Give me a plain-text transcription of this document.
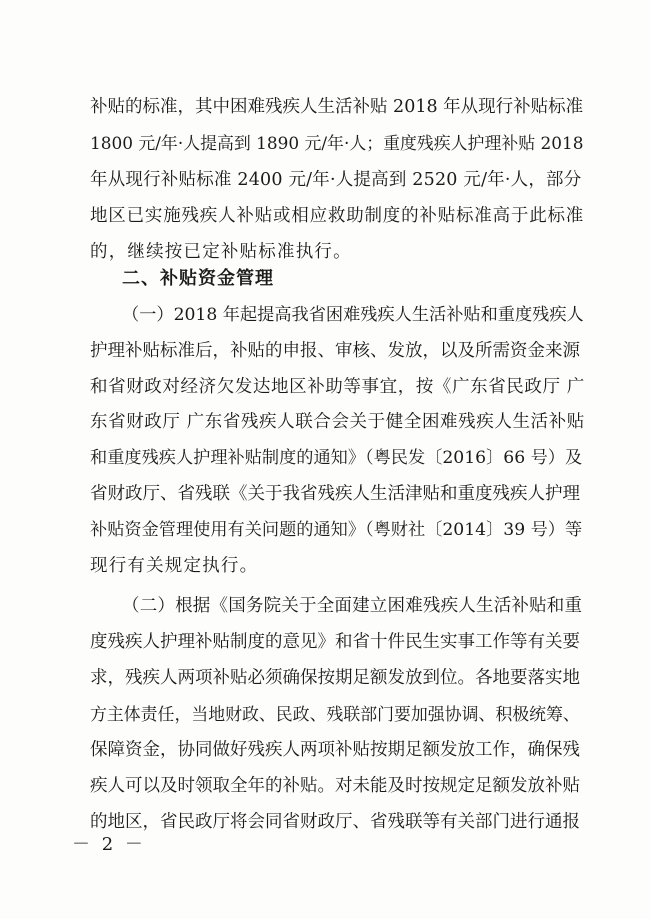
补贴的标准，其中困难残疾人生活补贴 2018 年从现行补贴标准
1800 元/年·人提高到 1890 元/年·人；重度残疾人护理补贴 2018
年从现行补贴标准 2400 元/年·人提高到 2520 元/年·人，部分
地区已实施残疾人补贴或相应救助制度的补贴标准高于此标准
的，继续按已定补贴标准执行。
二、补贴资金管理
（一）2018 年起提高我省困难残疾人生活补贴和重度残疾人
护理补贴标准后，补贴的申报、审核、发放，以及所需资金来源
和省财政对经济欠发达地区补助等事宜，按《广东省民政厅 广
东省财政厅 广东省残疾人联合会关于健全困难残疾人生活补贴
和重度残疾人护理补贴制度的通知》（粤民发〔2016〕66 号）及
省财政厅、省残联《关于我省残疾人生活津贴和重度残疾人护理
补贴资金管理使用有关问题的通知》（粤财社〔2014〕39 号）等
现行有关规定执行。
（二）根据《国务院关于全面建立困难残疾人生活补贴和重
度残疾人护理补贴制度的意见》和省十件民生实事工作等有关要
求，残疾人两项补贴必须确保按期足额发放到位。各地要落实地
方主体责任，当地财政、民政、残联部门要加强协调、积极统筹、
保障资金，协同做好残疾人两项补贴按期足额发放工作，确保残
疾人可以及时领取全年的补贴。对未能及时按规定足额发放补贴
的地区，省民政厅将会同省财政厅、省残联等有关部门进行通报
－ 2 －
